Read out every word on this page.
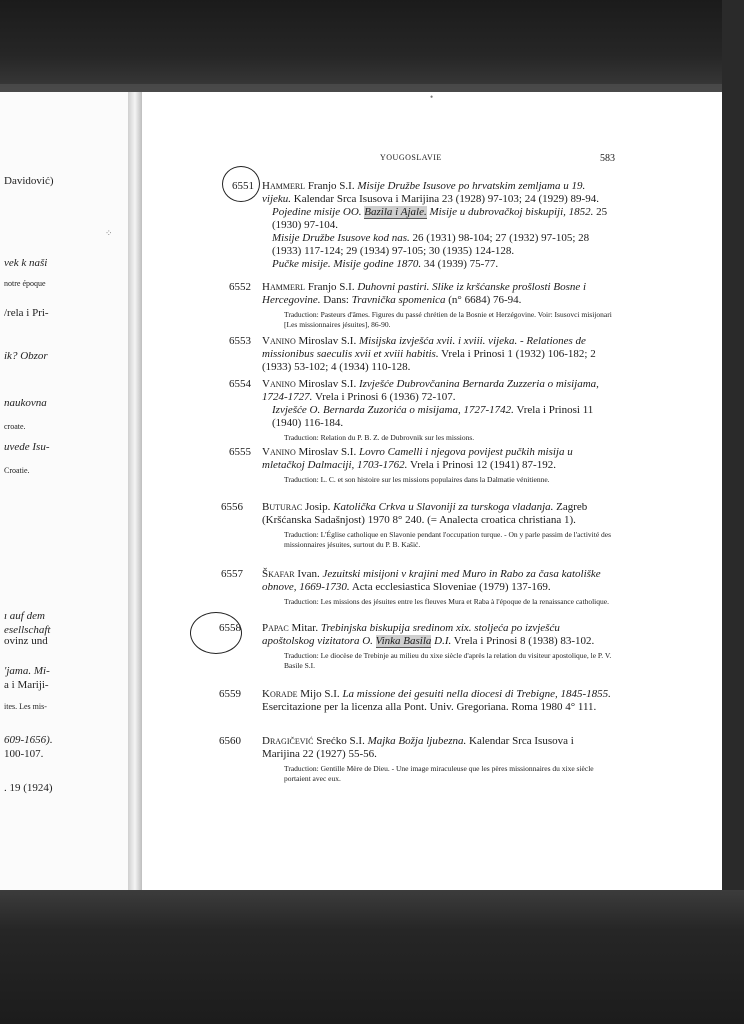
•
⁘
YOUGOSLAVIE	583
Davidović)
vek k naši
notre époque
/rela i Pri-
ik? Obzor
naukovna
croate.
uvede Isu-
Croatie.
ı auf dem
esellschaft
ovinz und
'jama. Mi-
a i Mariji-
ites. Les mis-
609-1656).
100-107.
. 19 (1924)
6551 Hammerl Franjo S.I. Misije Družbe Isusove po hrvatskim zemljama u 19. vijeku. Kalendar Srca Isusova i Marijina 23 (1928) 97-103; 24 (1929) 89-94.
Pojedine misije OO. Bazila i Ajale. Misije u dubrovačkoj biskupiji, 1852. 25 (1930) 97-104.
Misije Družbe Isusove kod nas. 26 (1931) 98-104; 27 (1932) 97-105; 28 (1933) 117-124; 29 (1934) 97-105; 30 (1935) 124-128.
Pučke misije. Misije godine 1870. 34 (1939) 75-77.
6552 Hammerl Franjo S.I. Duhovni pastiri. Slike iz kršćanske prošlosti Bosne i Hercegovine. Dans: Travnička spomenica (n° 6684) 76-94.
Traduction: Pasteurs d'âmes. Figures du passé chrétien de la Bosnie et Herzégovine. Voir: Isusovci misijonari [Les missionnaires jésuites], 86-90.
6553 Vanino Miroslav S.I. Misijska izvješća xvii. i xviii. vijeka. - Relationes de missionibus saeculis xvii et xviii habitis. Vrela i Prinosi 1 (1932) 106-182; 2 (1933) 53-102; 4 (1934) 110-128.
6554 Vanino Miroslav S.I. Izvješće Dubrovčanina Bernarda Zuzzeria o misijama, 1724-1727. Vrela i Prinosi 6 (1936) 72-107.
Izvješće O. Bernarda Zuzorića o misijama, 1727-1742. Vrela i Prinosi 11 (1940) 116-184.
Traduction: Relation du P. B. Z. de Dubrovnik sur les missions.
6555 Vanino Miroslav S.I. Lovro Camelli i njegova povijest pučkih misija u mletačkoj Dalmaciji, 1703-1762. Vrela i Prinosi 12 (1941) 87-192.
Traduction: L. C. et son histoire sur les missions populaires dans la Dalmatie vénitienne.
6556 Buturac Josip. Katolička Crkva u Slavoniji za turskoga vladanja. Zagreb (Kršćanska Sadašnjost) 1970 8° 240. (= Analecta croatica christiana 1).
Traduction: L'Église catholique en Slavonie pendant l'occupation turque. - On y parle passim de l'activité des missionnaires jésuites, surtout du P. B. Kašić.
6557 Škafar Ivan. Jezuitski misijoni v krajini med Muro in Rabo za časa katoliške obnove, 1669-1730. Acta ecclesiastica Sloveniae (1979) 137-169.
Traduction: Les missions des jésuites entre les fleuves Mura et Raba à l'époque de la renaissance catholique.
6558 Papac Mitar. Trebinjska biskupija sredinom xix. stoljeća po izvješću apoštolskog vizitatora O. Vinka Basila D.I. Vrela i Prinosi 8 (1938) 83-102.
Traduction: Le diocèse de Trebinje au milieu du xixe siècle d'après la relation du visiteur apostolique, le P. V. Basile S.I.
6559 Korade Mijo S.I. La missione dei gesuiti nella diocesi di Trebigne, 1845-1855. Esercitazione per la licenza alla Pont. Univ. Gregoriana. Roma 1980 4° 111.
6560 Dragičević Srećko S.I. Majka Božja ljubezna. Kalendar Srca Isusova i Marijina 22 (1927) 55-56.
Traduction: Gentille Mère de Dieu. - Une image miraculeuse que les pères missionnaires du xixe siècle portaient avec eux.
